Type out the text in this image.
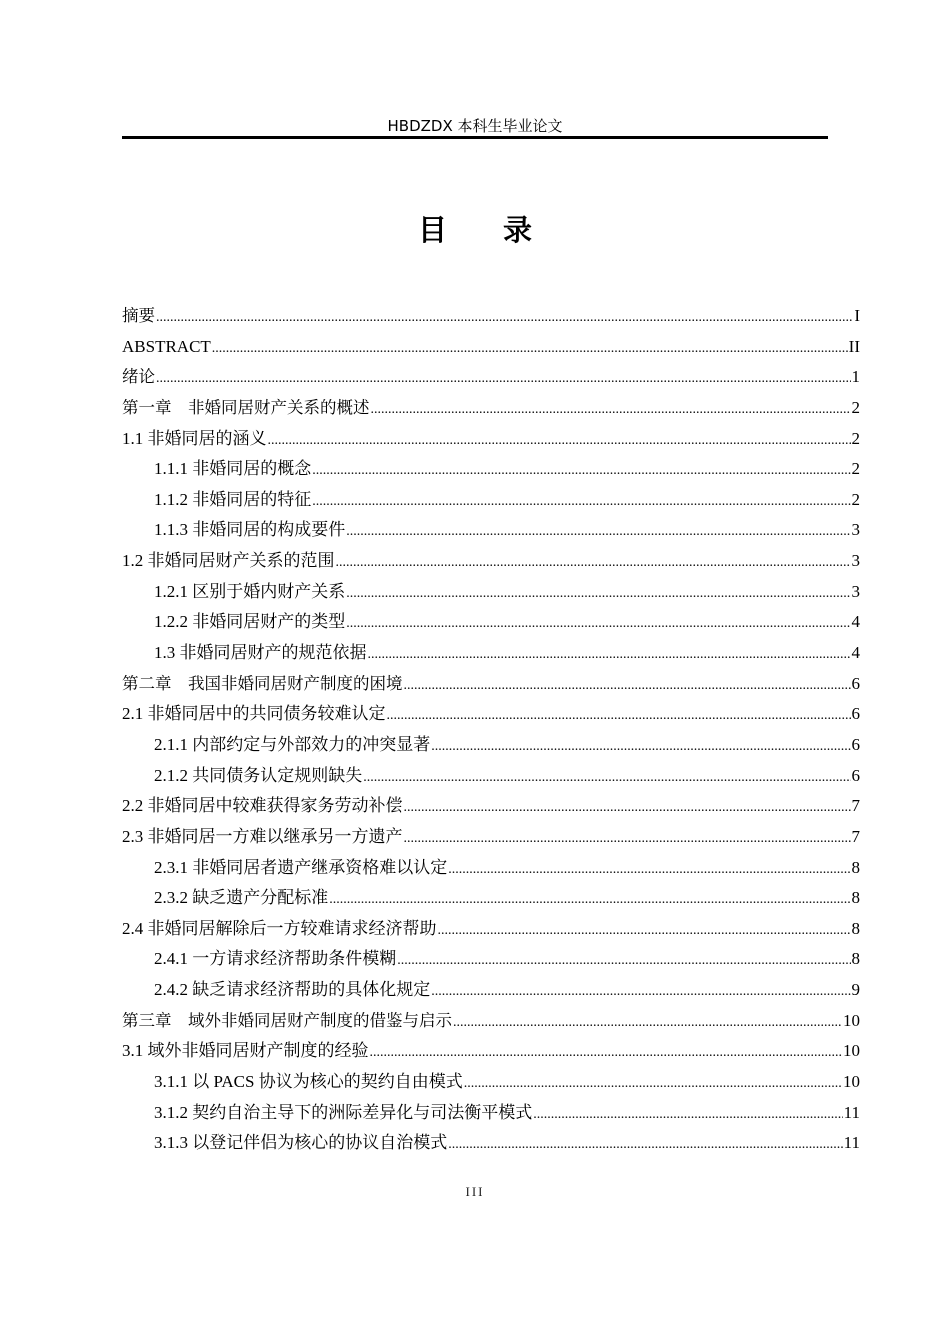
HBDZDX 本科生毕业论文
目 录
摘要 .....	I
ABSTRACT .....	II
绪论 .....	1
第一章　非婚同居财产关系的概述 .....	2
1.1 非婚同居的涵义 .....	2
1.1.1 非婚同居的概念 .....	2
1.1.2 非婚同居的特征 .....	2
1.1.3 非婚同居的构成要件 .....	3
1.2 非婚同居财产关系的范围 .....	3
1.2.1 区别于婚内财产关系 .....	3
1.2.2 非婚同居财产的类型 .....	4
1.3 非婚同居财产的规范依据 .....	4
第二章　我国非婚同居财产制度的困境 .....	6
2.1 非婚同居中的共同债务较难认定 .....	6
2.1.1 内部约定与外部效力的冲突显著 .....	6
2.1.2 共同债务认定规则缺失 .....	6
2.2 非婚同居中较难获得家务劳动补偿 .....	7
2.3 非婚同居一方难以继承另一方遗产 .....	7
2.3.1 非婚同居者遗产继承资格难以认定 .....	8
2.3.2 缺乏遗产分配标准 .....	8
2.4 非婚同居解除后一方较难请求经济帮助 .....	8
2.4.1 一方请求经济帮助条件模糊 .....	8
2.4.2 缺乏请求经济帮助的具体化规定 .....	9
第三章　域外非婚同居财产制度的借鉴与启示 .....	10
3.1 域外非婚同居财产制度的经验 .....	10
3.1.1 以 PACS 协议为核心的契约自由模式 .....	10
3.1.2 契约自治主导下的洲际差异化与司法衡平模式 .....	11
3.1.3 以登记伴侣为核心的协议自治模式 .....	11
III
